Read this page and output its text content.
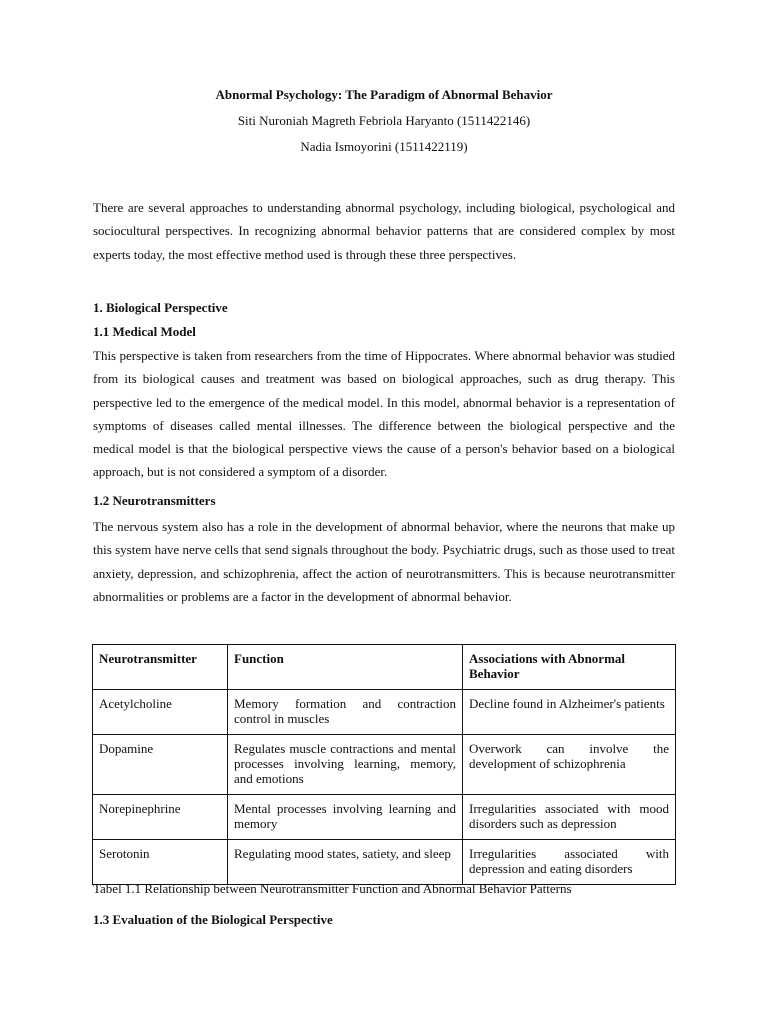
Abnormal Psychology: The Paradigm of Abnormal Behavior
Siti Nuroniah Magreth Febriola Haryanto (1511422146)
Nadia Ismoyorini (1511422119)
There are several approaches to understanding abnormal psychology, including biological, psychological and sociocultural perspectives. In recognizing abnormal behavior patterns that are considered complex by most experts today, the most effective method used is through these three perspectives.
1. Biological Perspective
1.1 Medical Model
This perspective is taken from researchers from the time of Hippocrates. Where abnormal behavior was studied from its biological causes and treatment was based on biological approaches, such as drug therapy. This perspective led to the emergence of the medical model. In this model, abnormal behavior is a representation of symptoms of diseases called mental illnesses. The difference between the biological perspective and the medical model is that the biological perspective views the cause of a person's behavior based on a biological approach, but is not considered a symptom of a disorder.
1.2 Neurotransmitters
The nervous system also has a role in the development of abnormal behavior, where the neurons that make up this system have nerve cells that send signals throughout the body. Psychiatric drugs, such as those used to treat anxiety, depression, and schizophrenia, affect the action of neurotransmitters. This is because neurotransmitter abnormalities or problems are a factor in the development of abnormal behavior.
Neurotransmitter	Function	Associations with Abnormal Behavior
Acetylcholine	Memory formation and contraction control in muscles	Decline found in Alzheimer's patients
Dopamine	Regulates muscle contractions and mental processes involving learning, memory, and emotions	Overwork can involve the development of schizophrenia
Norepinephrine	Mental processes involving learning and memory	Irregularities associated with mood disorders such as depression
Serotonin	Regulating mood states, satiety, and sleep	Irregularities associated with depression and eating disorders
Tabel 1.1 Relationship between Neurotransmitter Function and Abnormal Behavior Patterns
1.3 Evaluation of the Biological Perspective
